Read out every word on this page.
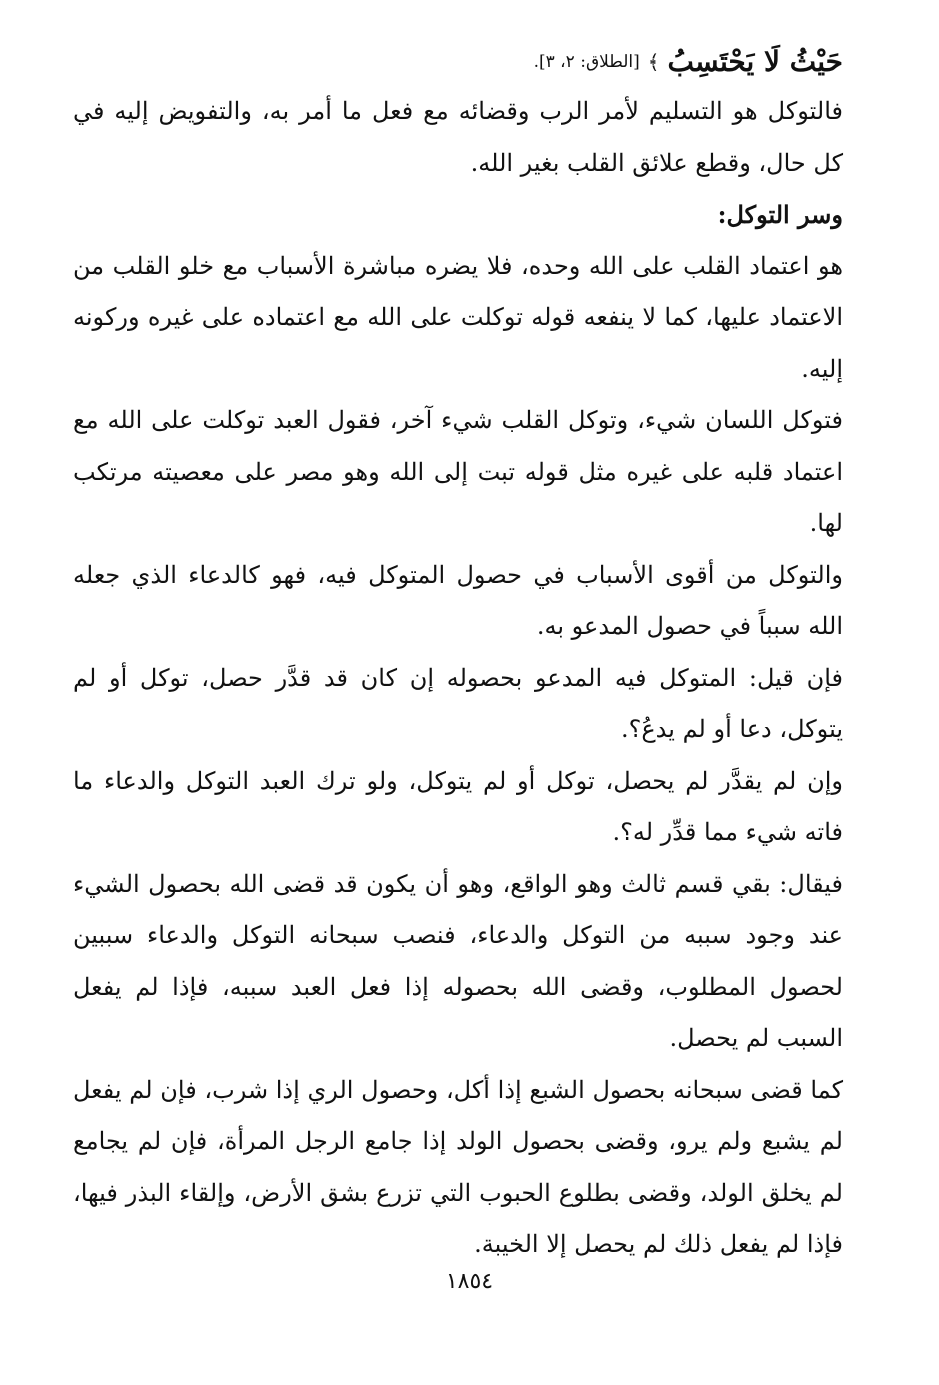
حَيْثُ لَا يَحْتَسِبُ
﴾
[الطلاق: ٢، ٣].

فالتوكل هو التسليم لأمر الرب وقضائه مع فعل ما أمر به، والتفويض إليه في كل حال، وقطع علائق القلب بغير الله.

وسر التوكل:

هو اعتماد القلب على الله وحده، فلا يضره مباشرة الأسباب مع خلو القلب من الاعتماد عليها، كما لا ينفعه قوله توكلت على الله مع اعتماده على غيره وركونه إليه.

فتوكل اللسان شيء، وتوكل القلب شيء آخر، فقول العبد توكلت على الله مع اعتماد قلبه على غيره مثل قوله تبت إلى الله وهو مصر على معصيته مرتكب لها.

والتوكل من أقوى الأسباب في حصول المتوكل فيه، فهو كالدعاء الذي جعله الله سبباً في حصول المدعو به.

فإن قيل: المتوكل فيه المدعو بحصوله إن كان قد قدَّر حصل، توكل أو لم يتوكل، دعا أو لم يدعُ؟.

وإن لم يقدَّر لم يحصل، توكل أو لم يتوكل، ولو ترك العبد التوكل والدعاء ما فاته شيء مما قدِّر له؟.

فيقال: بقي قسم ثالث وهو الواقع، وهو أن يكون قد قضى الله بحصول الشيء عند وجود سببه من التوكل والدعاء، فنصب سبحانه التوكل والدعاء سببين لحصول المطلوب، وقضى الله بحصوله إذا فعل العبد سببه، فإذا لم يفعل السبب لم يحصل.

كما قضى سبحانه بحصول الشبع إذا أكل، وحصول الري إذا شرب، فإن لم يفعل لم يشبع ولم يرو، وقضى بحصول الولد إذا جامع الرجل المرأة، فإن لم يجامع لم يخلق الولد، وقضى بطلوع الحبوب التي تزرع بشق الأرض، وإلقاء البذر فيها، فإذا لم يفعل ذلك لم يحصل إلا الخيبة.

١٨٥٤
